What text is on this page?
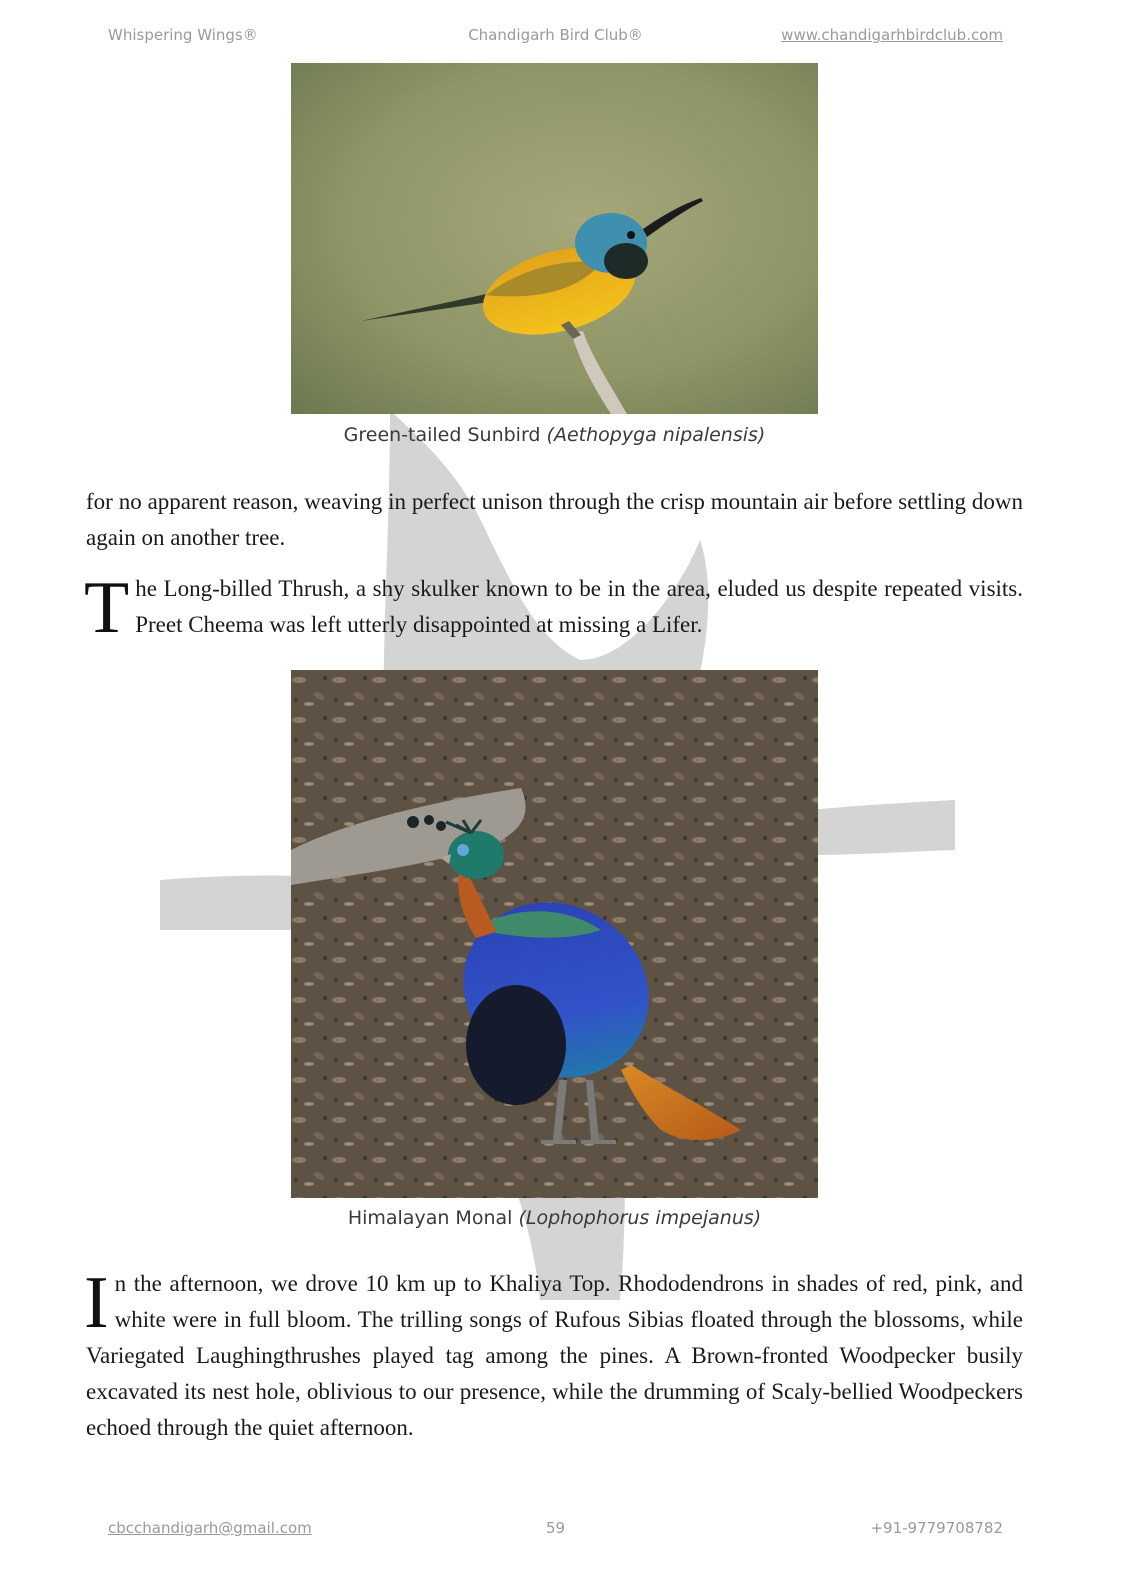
Whispering Wings®	Chandigarh Bird Club®	www.chandigarhbirdclub.com
Green-tailed Sunbird (Aethopyga nipalensis)
for no apparent reason, weaving in perfect unison through the crisp mountain air before settling down again on another tree.
T he Long-billed Thrush, a shy skulker known to be in the area, eluded us despite repeated visits. Preet Cheema was left utterly disappointed at missing a Lifer.
Himalayan Monal (Lophophorus impejanus)
I n the afternoon, we drove 10 km up to Khaliya Top. Rhododendrons in shades of red, pink, and white were in full bloom. The trilling songs of Rufous Sibias floated through the blossoms, while Variegated Laughingthrushes played tag among the pines. A Brown-fronted Woodpecker busily excavated its nest hole, oblivious to our presence, while the drumming of Scaly-bellied Woodpeckers echoed through the quiet afternoon.
cbcchandigarh@gmail.com	59	+91-9779708782
